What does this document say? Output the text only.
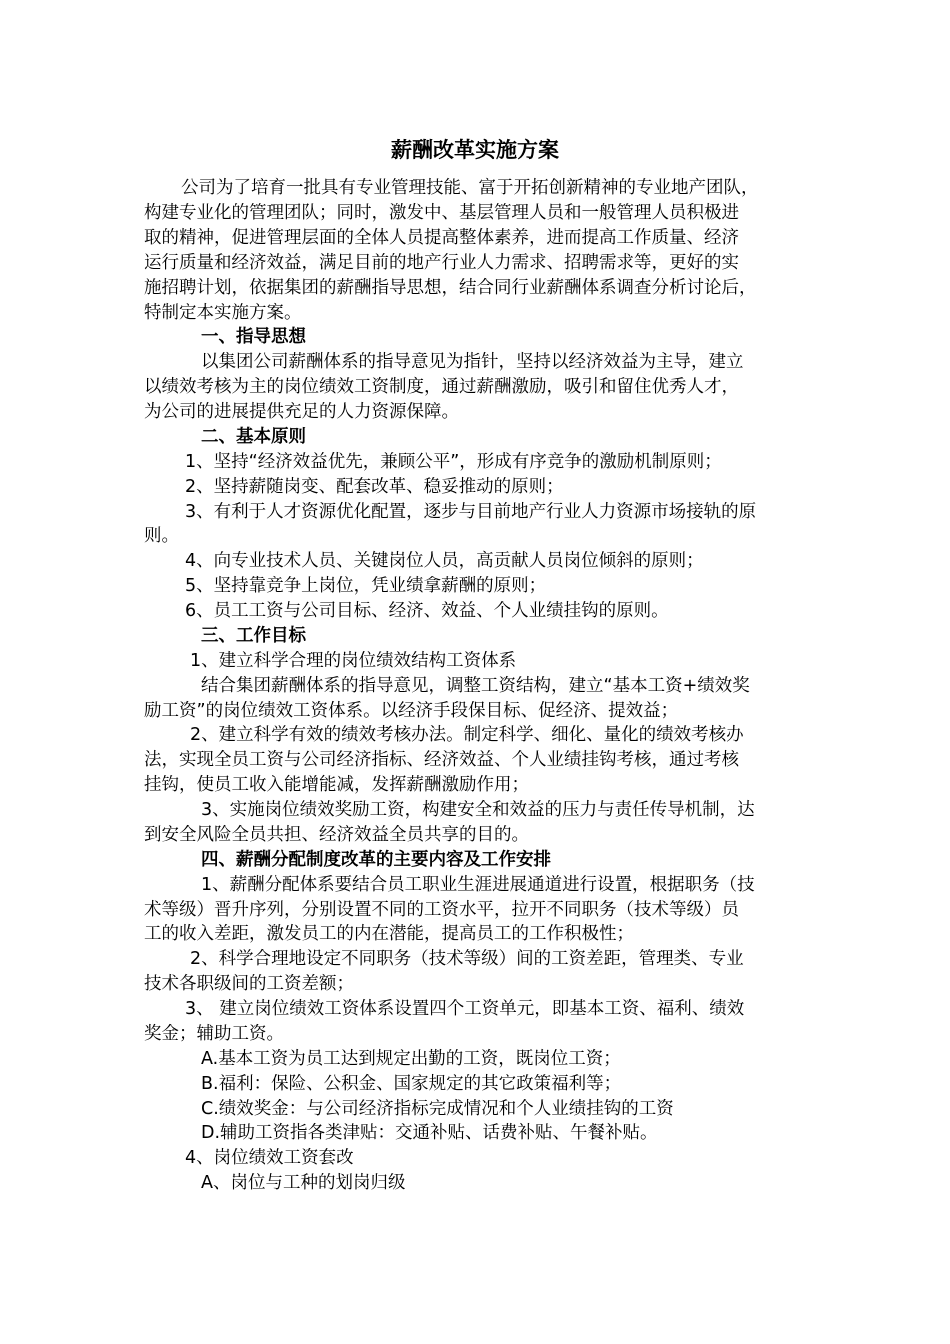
薪酬改革实施方案
公司为了培育一批具有专业管理技能、富于开拓创新精神的专业地产团队，
构建专业化的管理团队；同时，激发中、基层管理人员和一般管理人员积极进
取的精神，促进管理层面的全体人员提高整体素养，进而提高工作质量、经济
运行质量和经济效益，满足目前的地产行业人力需求、招聘需求等，更好的实
施招聘计划，依据集团的薪酬指导思想，结合同行业薪酬体系调查分析讨论后，
特制定本实施方案。
一、指导思想
以集团公司薪酬体系的指导意见为指针，坚持以经济效益为主导，建立
以绩效考核为主的岗位绩效工资制度，通过薪酬激励，吸引和留住优秀人才，
为公司的进展提供充足的人力资源保障。
二、基本原则
1、坚持“经济效益优先，兼顾公平”，形成有序竞争的激励机制原则；
2、坚持薪随岗变、配套改革、稳妥推动的原则；
3、有利于人才资源优化配置，逐步与目前地产行业人力资源市场接轨的原
则。
4、向专业技术人员、关键岗位人员，高贡献人员岗位倾斜的原则；
5、坚持靠竞争上岗位，凭业绩拿薪酬的原则；
6、员工工资与公司目标、经济、效益、个人业绩挂钩的原则。
三、工作目标
1、建立科学合理的岗位绩效结构工资体系
结合集团薪酬体系的指导意见，调整工资结构，建立“基本工资+绩效奖
励工资”的岗位绩效工资体系。以经济手段保目标、促经济、提效益；
2、建立科学有效的绩效考核办法。制定科学、细化、量化的绩效考核办
法，实现全员工资与公司经济指标、经济效益、个人业绩挂钩考核，通过考核
挂钩，使员工收入能增能减，发挥薪酬激励作用；
3、实施岗位绩效奖励工资，构建安全和效益的压力与责任传导机制，达
到安全风险全员共担、经济效益全员共享的目的。
四、薪酬分配制度改革的主要内容及工作安排
1、薪酬分配体系要结合员工职业生涯进展通道进行设置，根据职务（技
术等级）晋升序列，分别设置不同的工资水平，拉开不同职务（技术等级）员
工的收入差距，激发员工的内在潜能，提高员工的工作积极性；
2、科学合理地设定不同职务（技术等级）间的工资差距，管理类、专业
技术各职级间的工资差额；
3、 建立岗位绩效工资体系设置四个工资单元，即基本工资、福利、绩效
奖金；辅助工资。
A.基本工资为员工达到规定出勤的工资，既岗位工资；
B.福利：保险、公积金、国家规定的其它政策福利等；
C.绩效奖金：与公司经济指标完成情况和个人业绩挂钩的工资
D.辅助工资指各类津贴：交通补贴、话费补贴、午餐补贴。
4、岗位绩效工资套改
A、岗位与工种的划岗归级
